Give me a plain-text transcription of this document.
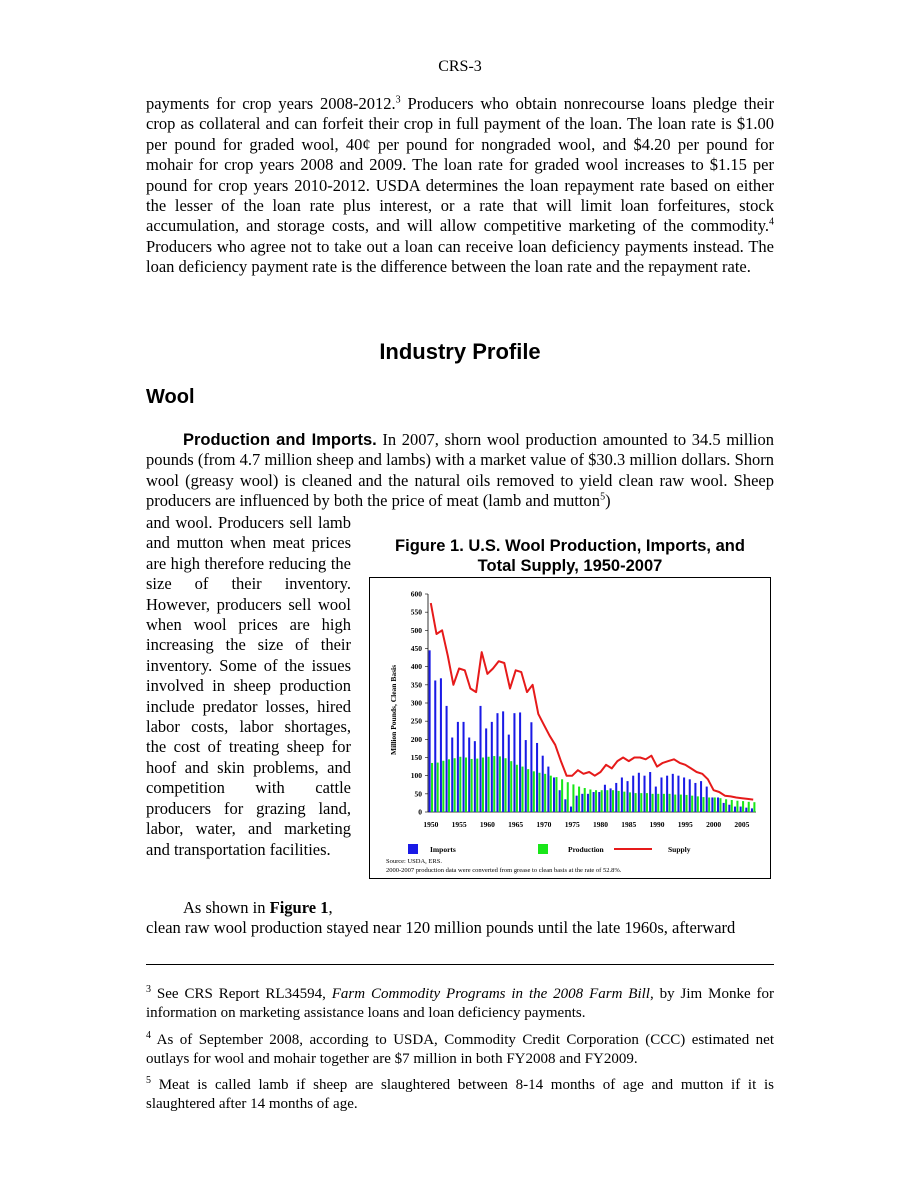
CRS-3

payments for crop years 2008-2012.$^3$ Producers who obtain nonrecourse loans pledge their crop as collateral and can forfeit their crop in full payment of the loan. The loan rate is $1.00 per pound for graded wool, 40¢ per pound for nongraded wool, and $4.20 per pound for mohair for crop years 2008 and 2009. The loan rate for graded wool increases to $1.15 per pound for crop years 2010-2012. USDA determines the loan repayment rate based on either the lesser of the loan rate plus interest, or a rate that will limit loan forfeitures, stock accumulation, and storage costs, and will allow competitive marketing of the commodity.$^4$ Producers who agree not to take out a loan can receive loan deficiency payments instead. The loan deficiency payment rate is the difference between the loan rate and the repayment rate.

Industry Profile
Wool

Production and Imports. In 2007, shorn wool production amounted to 34.5 million pounds (from 4.7 million sheep and lambs) with a market value of $30.3 million dollars. Shorn wool (greasy wool) is cleaned and the natural oils removed to yield clean raw wool. Sheep producers are influenced by both the price of meat (lamb and mutton$^5$)

and wool. Producers sell lamb and mutton when meat prices are high therefore reducing the size of their inventory. However, producers sell wool when wool prices are high increasing the size of their inventory. Some of the issues involved in sheep production include predator losses, hired labor costs, labor shortages, the cost of treating sheep for hoof and skin problems, and competition with cattle producers for grazing land, labor, water, and marketing and transportation facilities.

Figure 1. U.S. Wool Production, Imports, and
Total Supply, 1950-2007
0
50
100
150
200
250
300
350
400
450
500
550
600
1950 1955 1960 1965 1970 1975 1980 1985 1990 1995 2000 2005
Million Pounds, Clean Basis
Imports	Production	Supply
Source: USDA, ERS.
2000-2007 production data were converted from grease to clean basis at the rate of 52.8%.

As shown in Figure 1,
clean raw wool production stayed near 120 million pounds until the late 1960s, afterward

$^3$ See CRS Report RL34594, Farm Commodity Programs in the 2008 Farm Bill, by Jim Monke for information on marketing assistance loans and loan deficiency payments.

$^4$ As of September 2008, according to USDA, Commodity Credit Corporation (CCC) estimated net outlays for wool and mohair together are $7 million in both FY2008 and FY2009.

$^5$ Meat is called lamb if sheep are slaughtered between 8-14 months of age and mutton if it is slaughtered after 14 months of age.
